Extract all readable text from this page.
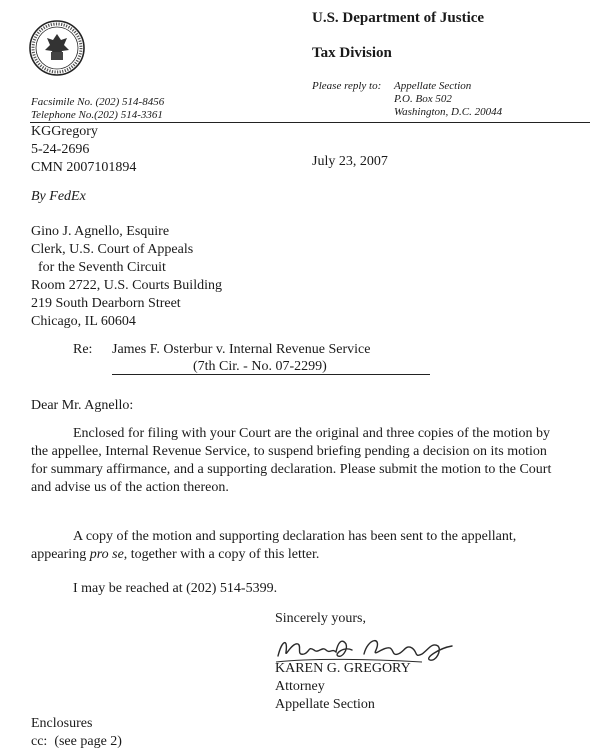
U.S. Department of Justice
Tax Division
Please reply to: Appellate Section
P.O. Box 502
Washington, D.C. 20044
Facsimile No. (202) 514-8456
Telephone No.(202) 514-3361
KGGregory
5-24-2696
CMN 2007101894	July 23, 2007
By FedEx
Gino J. Agnello, Esquire
Clerk, U.S. Court of Appeals
for the Seventh Circuit
Room 2722, U.S. Courts Building
219 South Dearborn Street
Chicago, IL 60604
Re: James F. Osterbur v. Internal Revenue Service
(7th Cir. - No. 07-2299)
Dear Mr. Agnello:
Enclosed for filing with your Court are the original and three copies of the motion by the appellee, Internal Revenue Service, to suspend briefing pending a decision on its motion for summary affirmance, and a supporting declaration. Please submit the motion to the Court and advise us of the action thereon.
A copy of the motion and supporting declaration has been sent to the appellant, appearing pro se, together with a copy of this letter.
I may be reached at (202) 514-5399.
Sincerely yours,
KAREN G. GREGORY
Attorney
Appellate Section
Enclosures
cc:  (see page 2)
